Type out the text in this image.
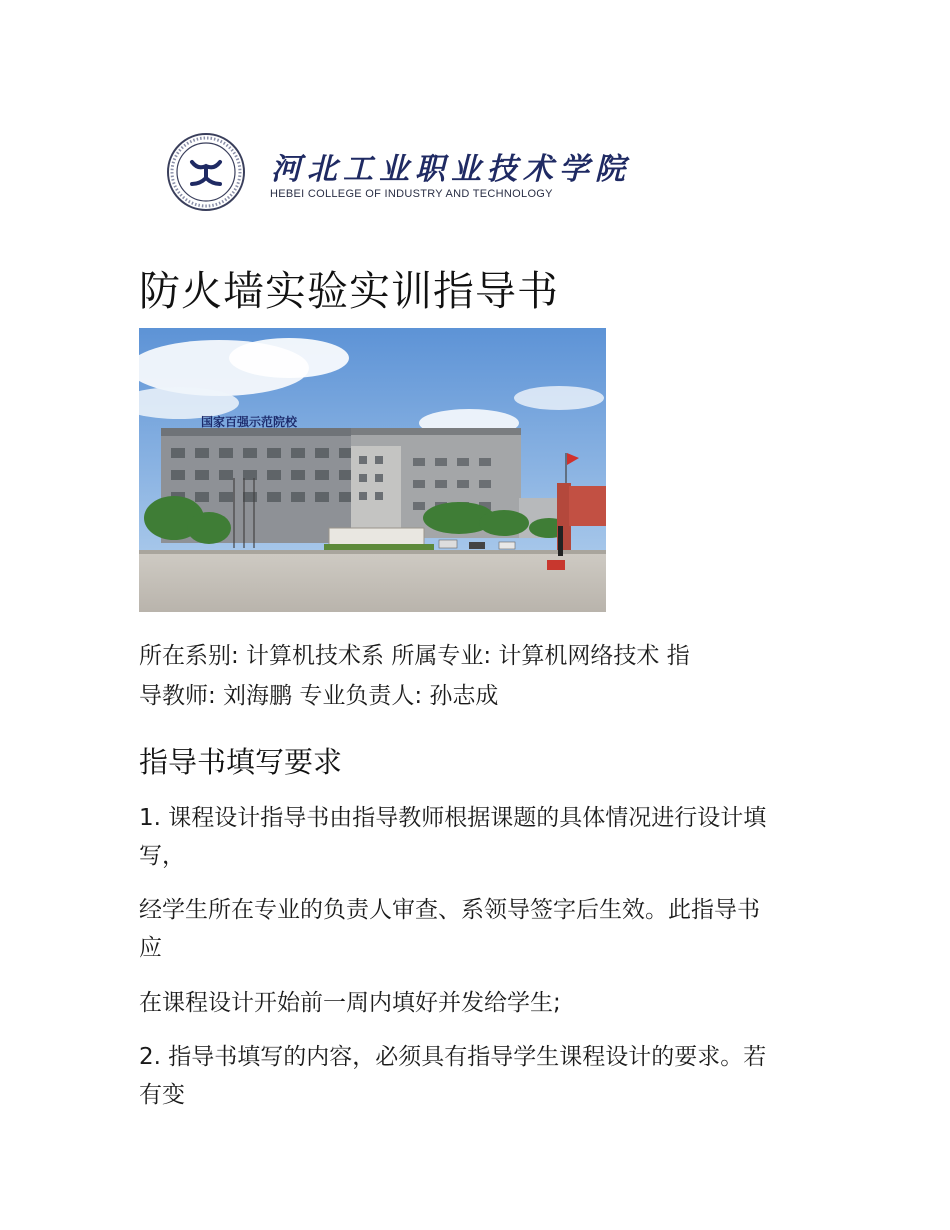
河北工业职业技术学院
HEBEI COLLEGE OF INDUSTRY AND TECHNOLOGY
防火墙实验实训指导书
国家百强示范院校

所在系别: 计算机技术系 所属专业: 计算机网络技术 指

导教师: 刘海鹏 专业负责人: 孙志成

指导书填写要求

1. 课程设计指导书由指导教师根据课题的具体情况进行设计填

写，

经学生所在专业的负责人审查、系领导签字后生效。此指导书

应

在课程设计开始前一周内填好并发给学生;

2. 指导书填写的内容，必须具有指导学生课程设计的要求。若

有变
